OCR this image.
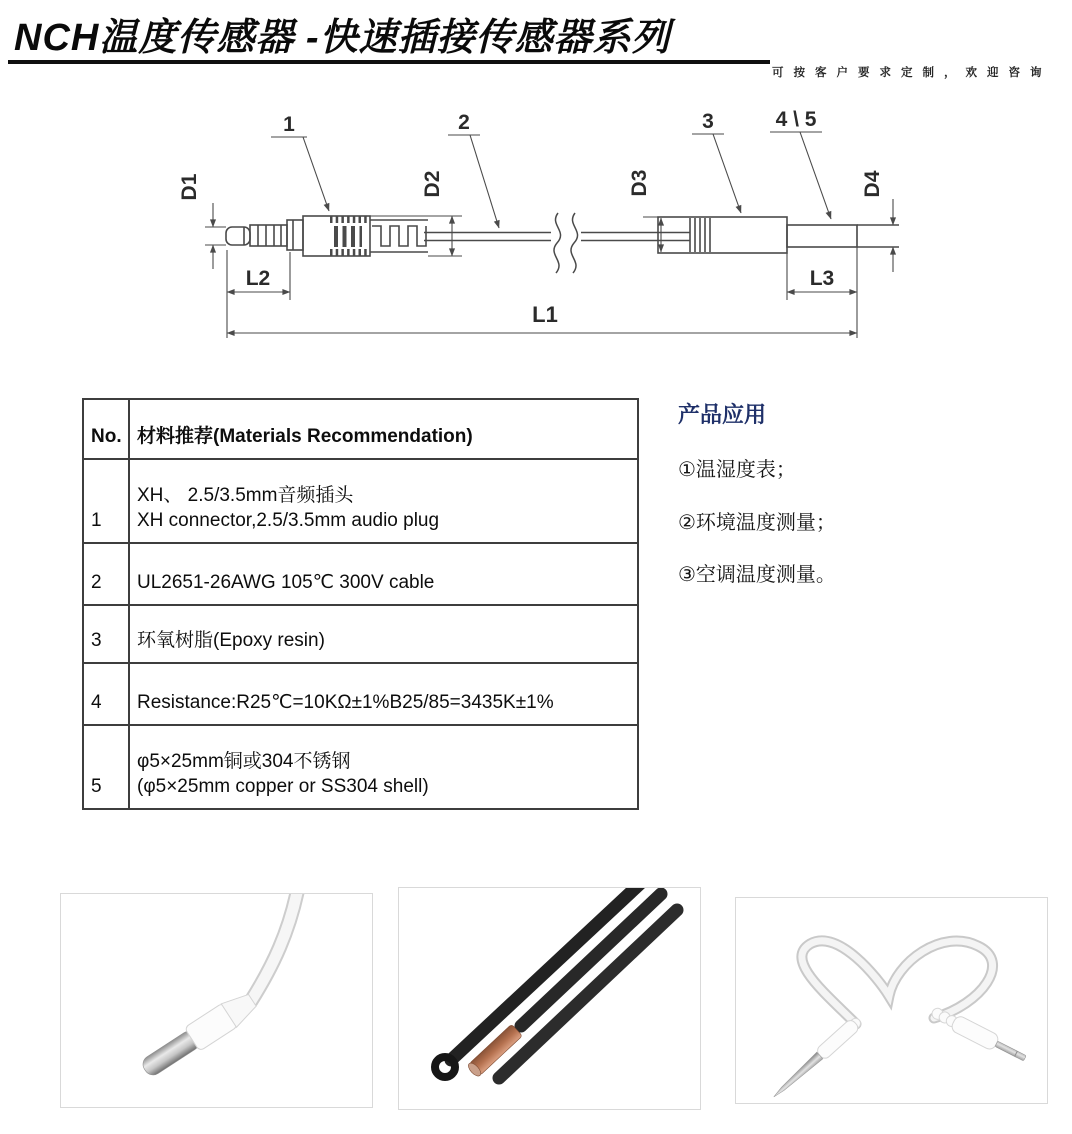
NCH温度传感器 -快速插接传感器系列
可按客户要求定制，欢迎咨询
1	2	3	4 \ 5
D1	D2	D3	D4
L2	L3
L1
No.	材料推荐(Materials Recommendation)
1	XH、 2.5/3.5mm音频插头
XH connector,2.5/3.5mm audio plug

2	UL2651-26AWG 105℃ 300V cable
3	环氧树脂(Epoxy resin)
4	Resistance:R25℃=10KΩ±1%B25/85=3435K±1%
5	φ5×25mm铜或304不锈钢
(φ5×25mm copper or SS304 shell)
产品应用
①温湿度表；
②环境温度测量；
③空调温度测量。
